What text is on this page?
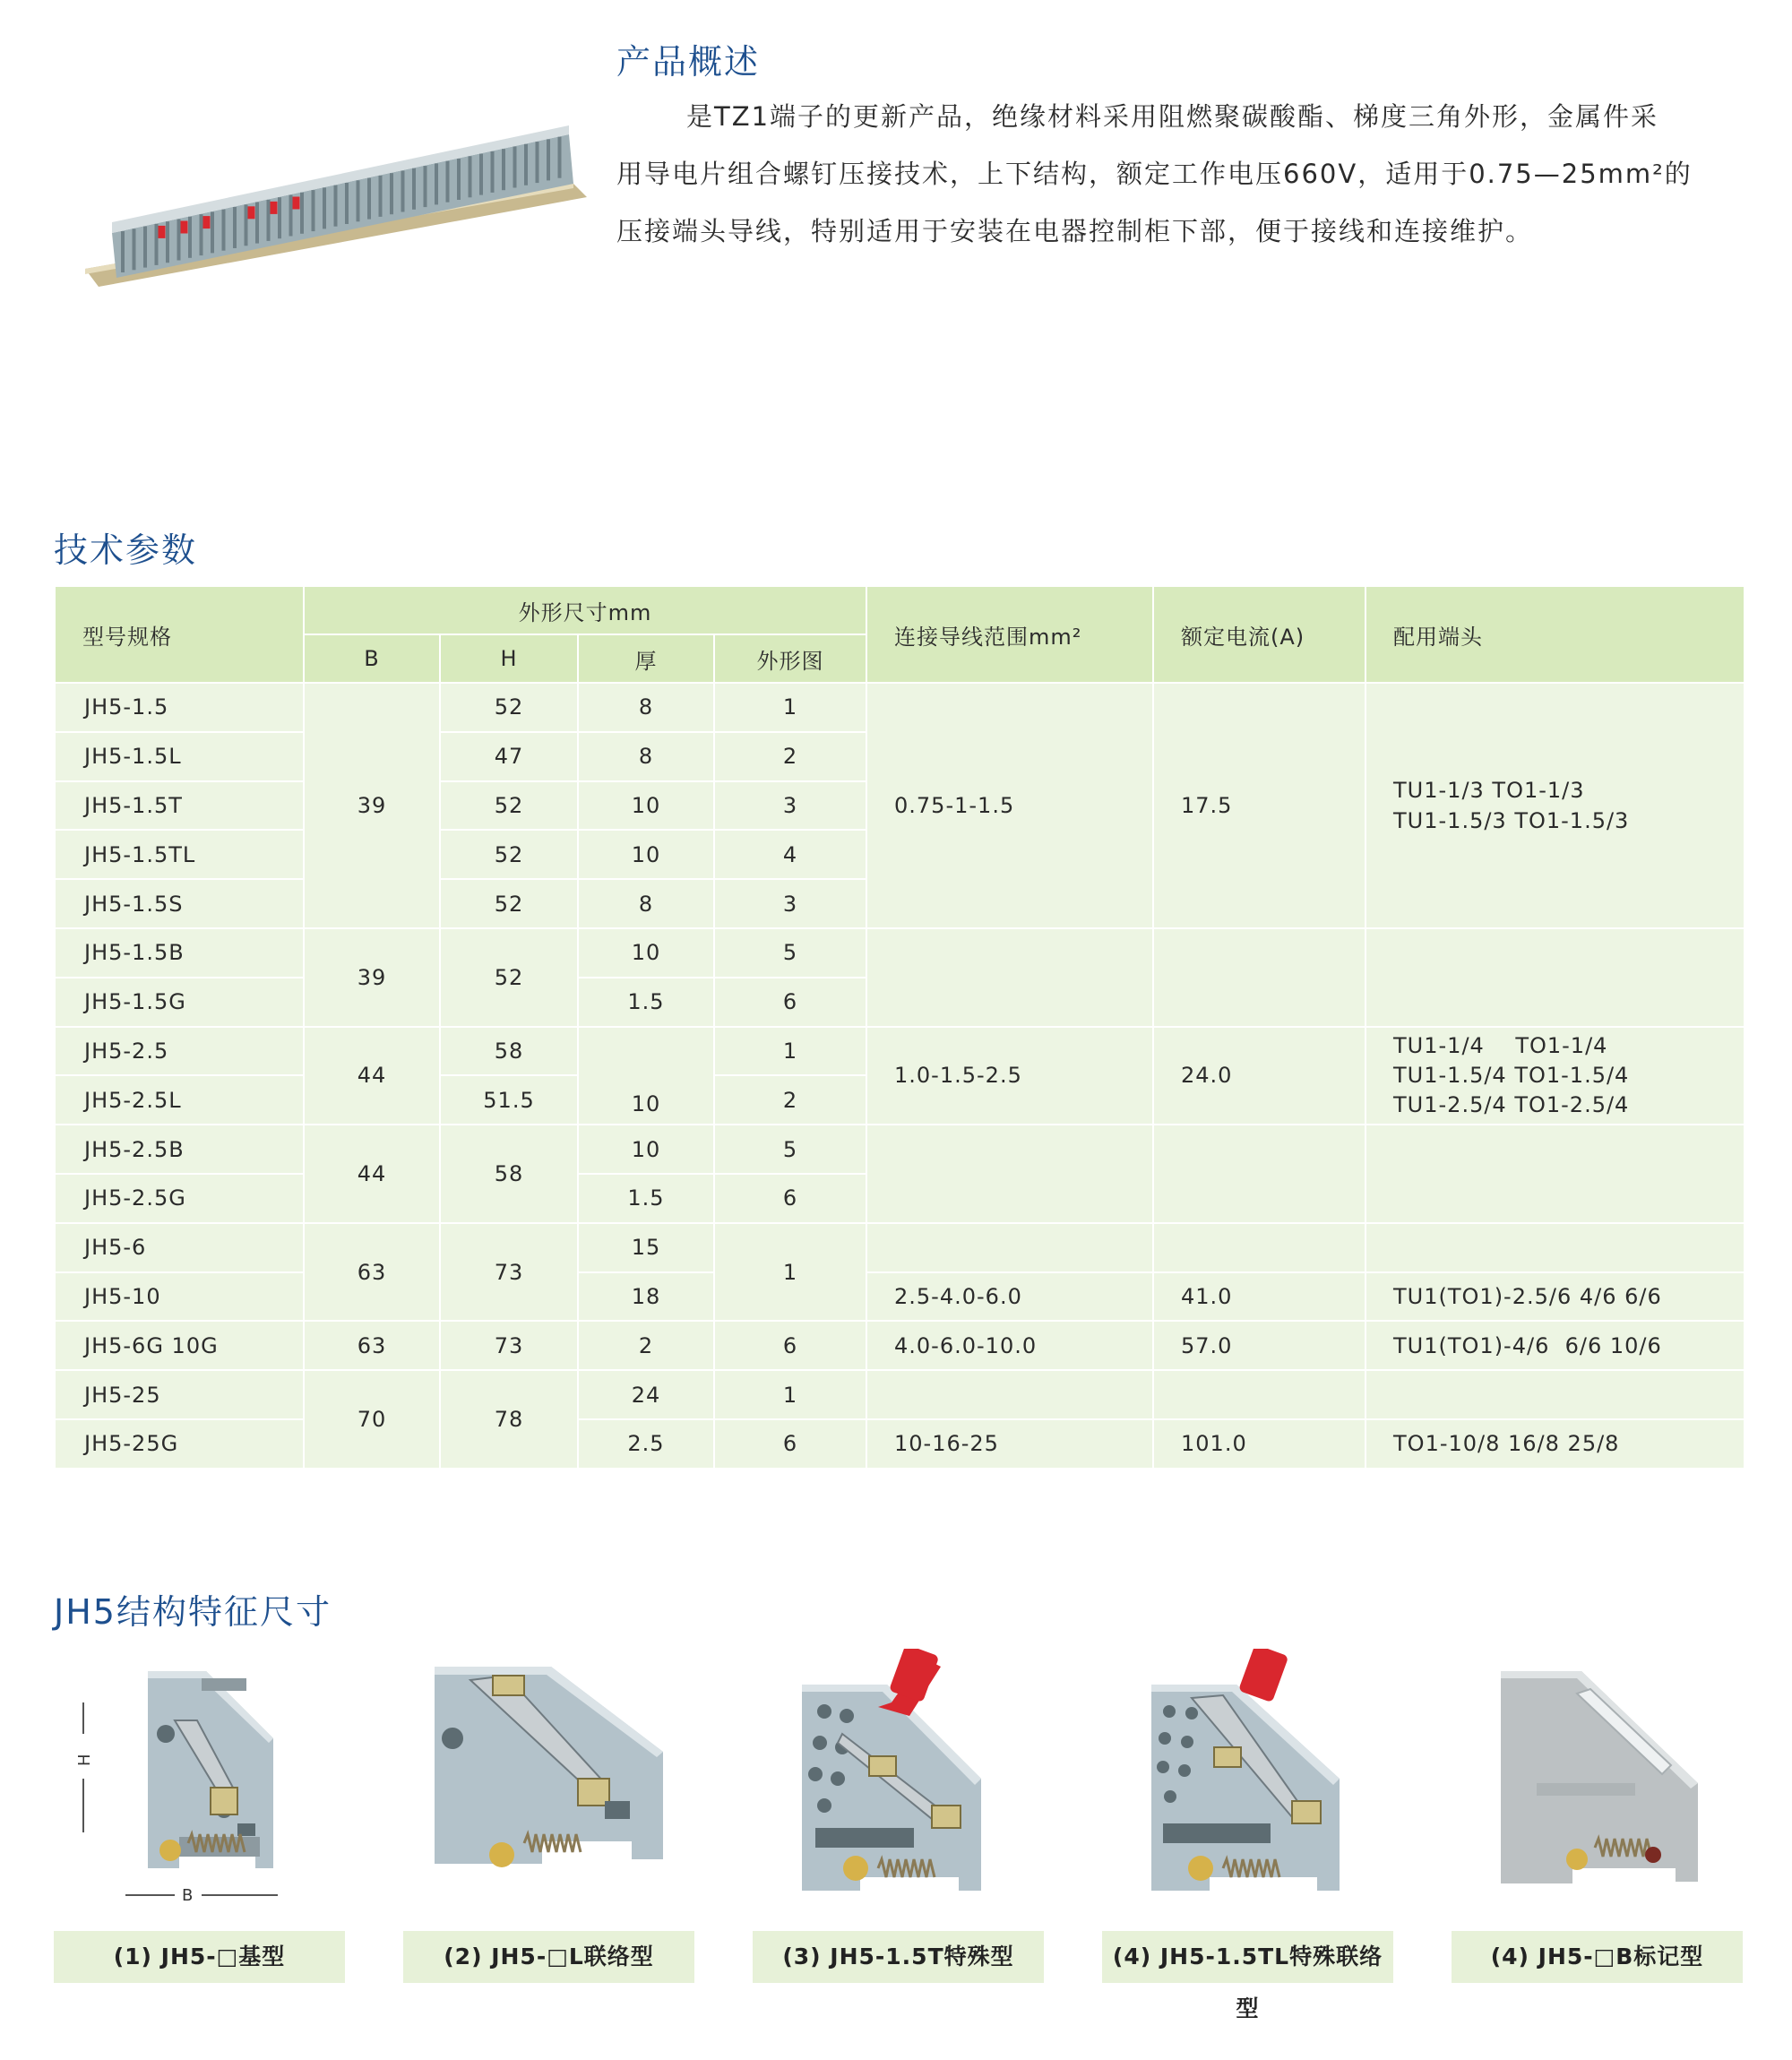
产品概述

是TZ1端子的更新产品，绝缘材料采用阻燃聚碳酸酯、梯度三角外形，金属件采

用导电片组合螺钉压接技术，上下结构，额定工作电压660V，适用于0.75—25mm²的

压接端头导线，特别适用于安装在电器控制柜下部，便于接线和连接维护。

技术参数
型号规格	外形尺寸mm				连接导线范围mm²	额定电流(A)	配用端头
	B	H	厚	外形图			
JH5-1.5	39	52	8	1	0.75-1-1.5	17.5	TU1-1/3 TO1-1/3
TU1-1.5/3 TO1-1.5/3

JH5-1.5L		47	8	2			
JH5-1.5T		52	10	3			
JH5-1.5TL		52	10	4			
JH5-1.5S		52	8	3			
JH5-1.5B	39	52	10	5			
JH5-1.5G			1.5	6			
JH5-2.5	44	58	10	1	1.0-1.5-2.5	24.0	TU1-1/4    TO1-1/4
TU1-1.5/4 TO1-1.5/4
TU1-2.5/4 TO1-2.5/4

JH5-2.5L		51.5		2			
JH5-2.5B	44	58	10	5			
JH5-2.5G			1.5	6			
JH5-6	63	73	15	1			
JH5-10			18		2.5-4.0-6.0	41.0	TU1(TO1)-2.5/6 4/6 6/6
JH5-6G 10G	63	73	2	6	4.0-6.0-10.0	57.0	TU1(TO1)-4/6  6/6 10/6
JH5-25	70	78	24	1			
JH5-25G			2.5	6	10-16-25	101.0	TO1-10/8 16/8 25/8
JH5结构特征尺寸
H
B
(1) JH5-□基型	(2) JH5-□L联络型	(3) JH5-1.5T特殊型	(4) JH5-1.5TL特殊联络型
(4) JH5-□B标记型
